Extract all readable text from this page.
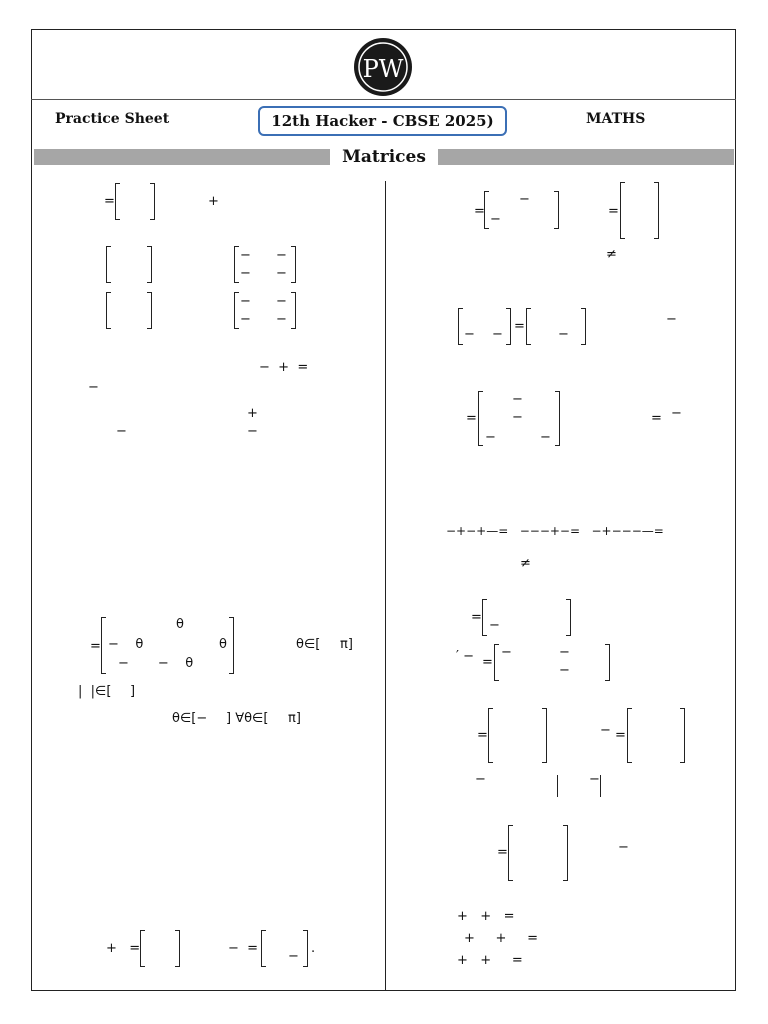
PW
Practice Sheet	12th Hacker - CBSE 2025)	MATHS
Matrices
=	+
− −
− −
− −
− −
−  +  =
−
+
−	−
θ
= −    θ	θ
−       −    θ
θ∈[ π]
|  |∈[ ]
θ∈[− ] ∀θ∈[ π]
+   =	−  =
−
.
=
−
−
=
≠
− −
=
−
−
=
−
−
−	−
= −
−+−+—=   −−−+−=   −+−−−—=
≠
=
−
′ − =
−	−
−
=	− =
−	−
=	−
+   +   =
+     +     =
+   +     =
